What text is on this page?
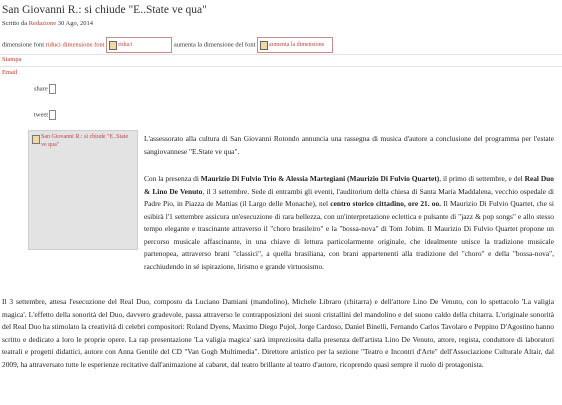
San Giovanni R.: si chiude "E..State ve qua"
Scritto da Redazione 30 Ago, 2014
dimensione font riduci dimensione font riduci	aumenta la dimensione del font aumenta la dimensione
Stampa
Email
share
tweet
San Giovanni R.: si chiude "E..State ve qua"
L'assessorato alla cultura di San Giovanni Rotondo annuncia una rassegna di musica d'autore a conclusione del programma per l'estate sangiovannese "E.State ve qua".
Con la presenza di Maurizio Di Fulvio Trio & Alessia Martegiani (Maurizio Di Fulvio Quartet), il primo di settembre, e del Real Duo & Lino De Venuto, il 3 settembre. Sede di entrambi gli eventi, l'auditorium della chiesa di Santa Maria Maddalena, vecchio ospedale di Padre Pio, in Piazza de Mattias (il Largo delle Monache), nel centro storico cittadino, ore 21. oo. Il Maurizio Di Fulvio Quartet, che si esibirà l'1 settembre assicura un'esecuzione di rara bellezza, con un'interpretazione eclettica e pulsante di "jazz & pop songs" e allo stesso tempo elegante e trascinante attraverso il "choro brasileiro" e la "bossa-nova" di Tom Jobim. Il Maurizio Di Fulvio Quartet propone un percorso musicale affascinante, in una chiave di lettura particolarmente originale, che idealmente unisce la tradizione musicale partenopea, attraverso brani "classici", a quella brasiliana, con brani appartenenti alla tradizione del "choro" e della "bossa-nova", racchiudendo in sé ispirazione, lirismo e grande virtuosismo.
Il 3 settembre, attesa l'esecuzione del Real Duo, composto da Luciano Damiani (mandolino), Michele Libraro (chitarra) e dell'attore Lino De Venuto, con lo spettacolo 'La valigia magica'. L'effetto della sonorità del Duo, davvero gradevole, passa attraverso le contrapposizioni dei suoni cristallini del mandolino e del suono caldo della chitarra. L'originale sonorità del Real Duo ha stimolato la creatività di celebri compositori: Roland Dyens, Maximo Diego Pujol, Jorge Cardoso, Daniel Binelli, Fernando Carlos Tavolaro e Peppino D'Agostino hanno scritto e dedicato a loro le proprie opere. La rap presentazione 'La valigia magica' sarà impreziosita dalla presenza dell'artista Lino De Venuto, attore, regista, conduttore di laboratori teatrali e progetti didattici, autore con Anna Gentile del CD "Van Gogh Multimedia". Direttore artistico per la sezione "Teatro e Incontri d'Arte" dell'Associazione Culturale Altair, dal 2009, ha attraversato tutte le esperienze recitative dall'animazione al cabaret, dal teatro brillante al teatro d'autore, ricoprendo quasi sempre il ruolo di protagonista.
